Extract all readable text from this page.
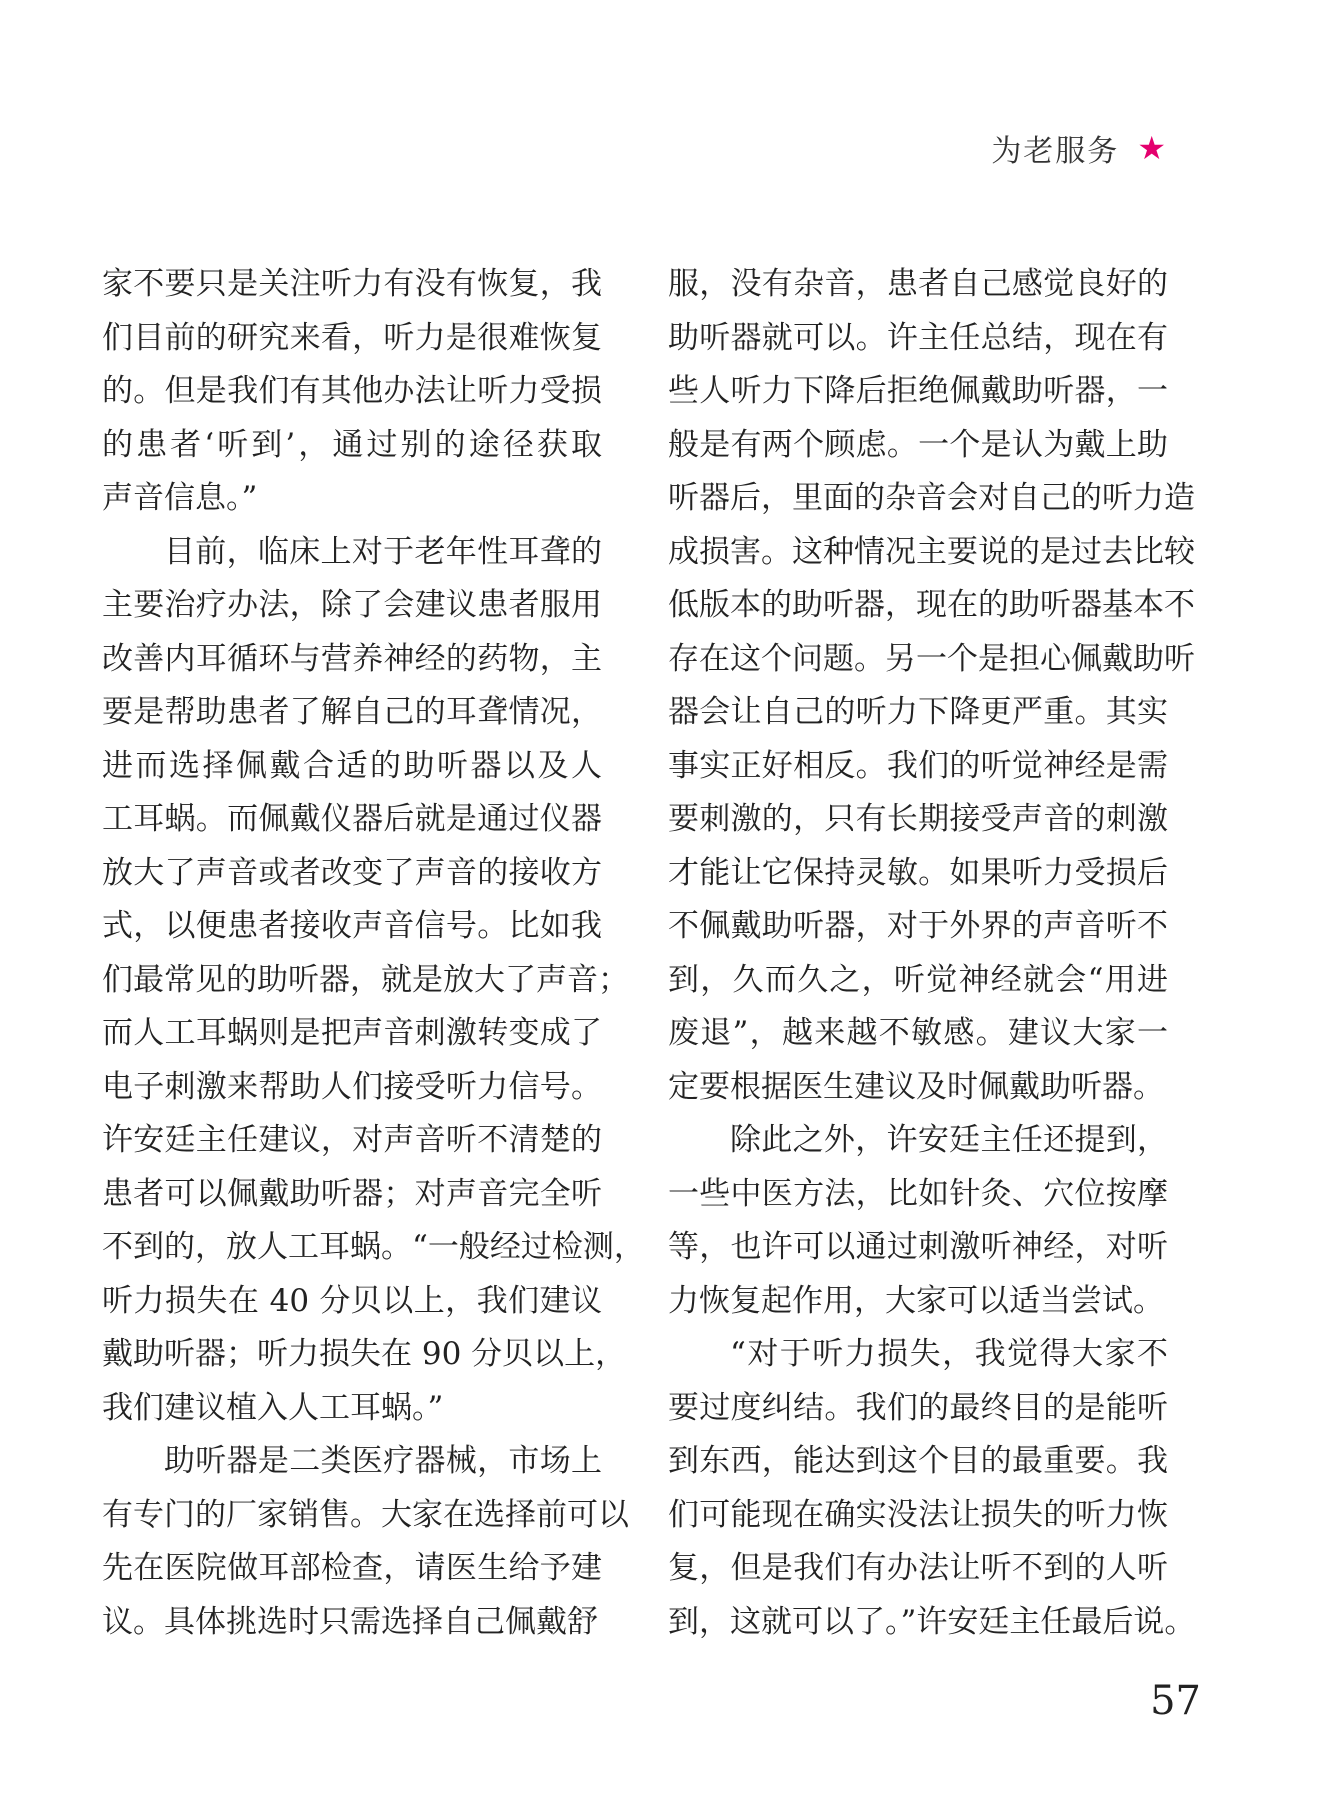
为老服务 ★
家不要只是关注听力有没有恢复，我
们目前的研究来看，听力是很难恢复
的。但是我们有其他办法让听力受损
的患者‘听到’，通过别的途径获取
声音信息。”
目前，临床上对于老年性耳聋的
主要治疗办法，除了会建议患者服用
改善内耳循环与营养神经的药物，主
要是帮助患者了解自己的耳聋情况，
进而选择佩戴合适的助听器以及人
工耳蜗。而佩戴仪器后就是通过仪器
放大了声音或者改变了声音的接收方
式，以便患者接收声音信号。比如我
们最常见的助听器，就是放大了声音；
而人工耳蜗则是把声音刺激转变成了
电子刺激来帮助人们接受听力信号。
许安廷主任建议，对声音听不清楚的
患者可以佩戴助听器；对声音完全听
不到的，放人工耳蜗。“一般经过检测，
听力损失在 40 分贝以上，我们建议
戴助听器；听力损失在 90 分贝以上，
我们建议植入人工耳蜗。”
助听器是二类医疗器械，市场上
有专门的厂家销售。大家在选择前可以
先在医院做耳部检查，请医生给予建
议。具体挑选时只需选择自己佩戴舒
服，没有杂音，患者自己感觉良好的
助听器就可以。许主任总结，现在有
些人听力下降后拒绝佩戴助听器，一
般是有两个顾虑。一个是认为戴上助
听器后，里面的杂音会对自己的听力造
成损害。这种情况主要说的是过去比较
低版本的助听器，现在的助听器基本不
存在这个问题。另一个是担心佩戴助听
器会让自己的听力下降更严重。其实
事实正好相反。我们的听觉神经是需
要刺激的，只有长期接受声音的刺激
才能让它保持灵敏。如果听力受损后
不佩戴助听器，对于外界的声音听不
到，久而久之，听觉神经就会“用进
废退”，越来越不敏感。建议大家一
定要根据医生建议及时佩戴助听器。
除此之外，许安廷主任还提到，
一些中医方法，比如针灸、穴位按摩
等，也许可以通过刺激听神经，对听
力恢复起作用，大家可以适当尝试。
“对于听力损失，我觉得大家不
要过度纠结。我们的最终目的是能听
到东西，能达到这个目的最重要。我
们可能现在确实没法让损失的听力恢
复，但是我们有办法让听不到的人听
到，这就可以了。”许安廷主任最后说。
57
